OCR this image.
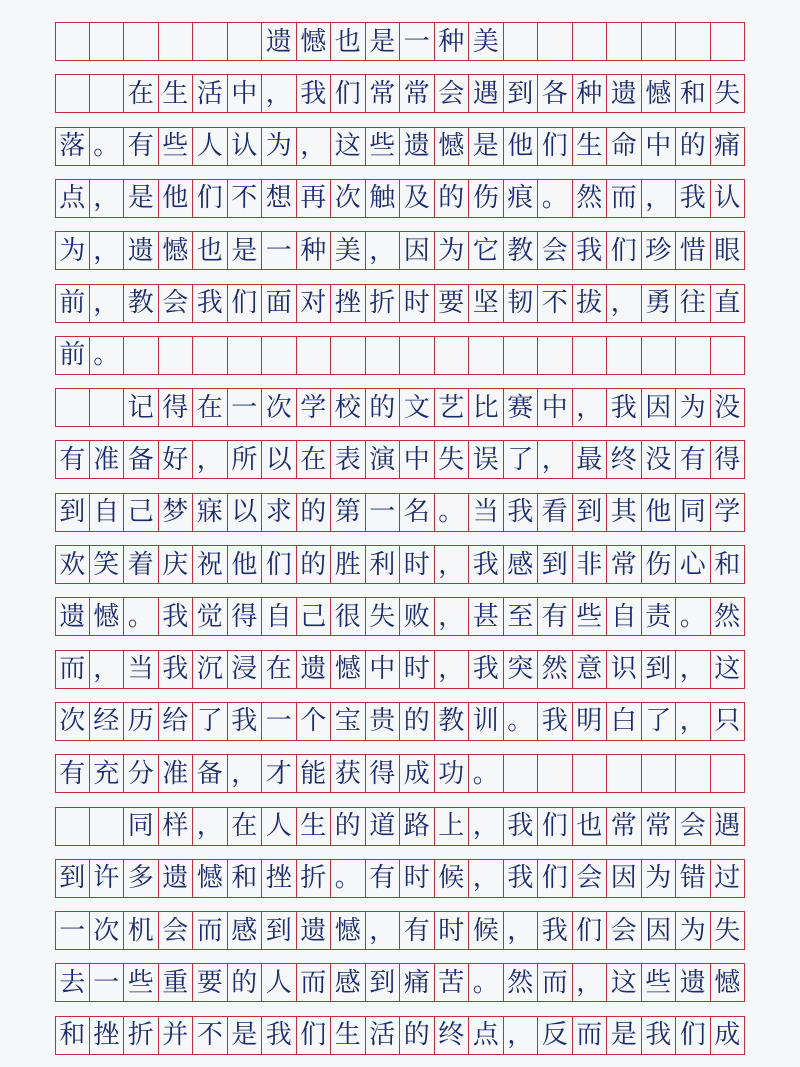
遗 憾 也 是 一 种 美
在 生 活 中 ， 我 们 常 常 会 遇 到 各 种 遗 憾 和 失
落 。 有 些 人 认 为 ， 这 些 遗 憾 是 他 们 生 命 中 的 痛
点 ， 是 他 们 不 想 再 次 触 及 的 伤 痕 。 然 而 ， 我 认
为 ， 遗 憾 也 是 一 种 美 ， 因 为 它 教 会 我 们 珍 惜 眼
前 ， 教 会 我 们 面 对 挫 折 时 要 坚 韧 不 拔 ， 勇 往 直
前 。
记 得 在 一 次 学 校 的 文 艺 比 赛 中 ， 我 因 为 没
有 准 备 好 ， 所 以 在 表 演 中 失 误 了 ， 最 终 没 有 得
到 自 己 梦 寐 以 求 的 第 一 名 。 当 我 看 到 其 他 同 学
欢 笑 着 庆 祝 他 们 的 胜 利 时 ， 我 感 到 非 常 伤 心 和
遗 憾 。 我 觉 得 自 己 很 失 败 ， 甚 至 有 些 自 责 。 然
而 ， 当 我 沉 浸 在 遗 憾 中 时 ， 我 突 然 意 识 到 ， 这
次 经 历 给 了 我 一 个 宝 贵 的 教 训 。 我 明 白 了 ， 只
有 充 分 准 备 ， 才 能 获 得 成 功 。
同 样 ， 在 人 生 的 道 路 上 ， 我 们 也 常 常 会 遇
到 许 多 遗 憾 和 挫 折 。 有 时 候 ， 我 们 会 因 为 错 过
一 次 机 会 而 感 到 遗 憾 ， 有 时 候 ， 我 们 会 因 为 失
去 一 些 重 要 的 人 而 感 到 痛 苦 。 然 而 ， 这 些 遗 憾
和 挫 折 并 不 是 我 们 生 活 的 终 点 ， 反 而 是 我 们 成
